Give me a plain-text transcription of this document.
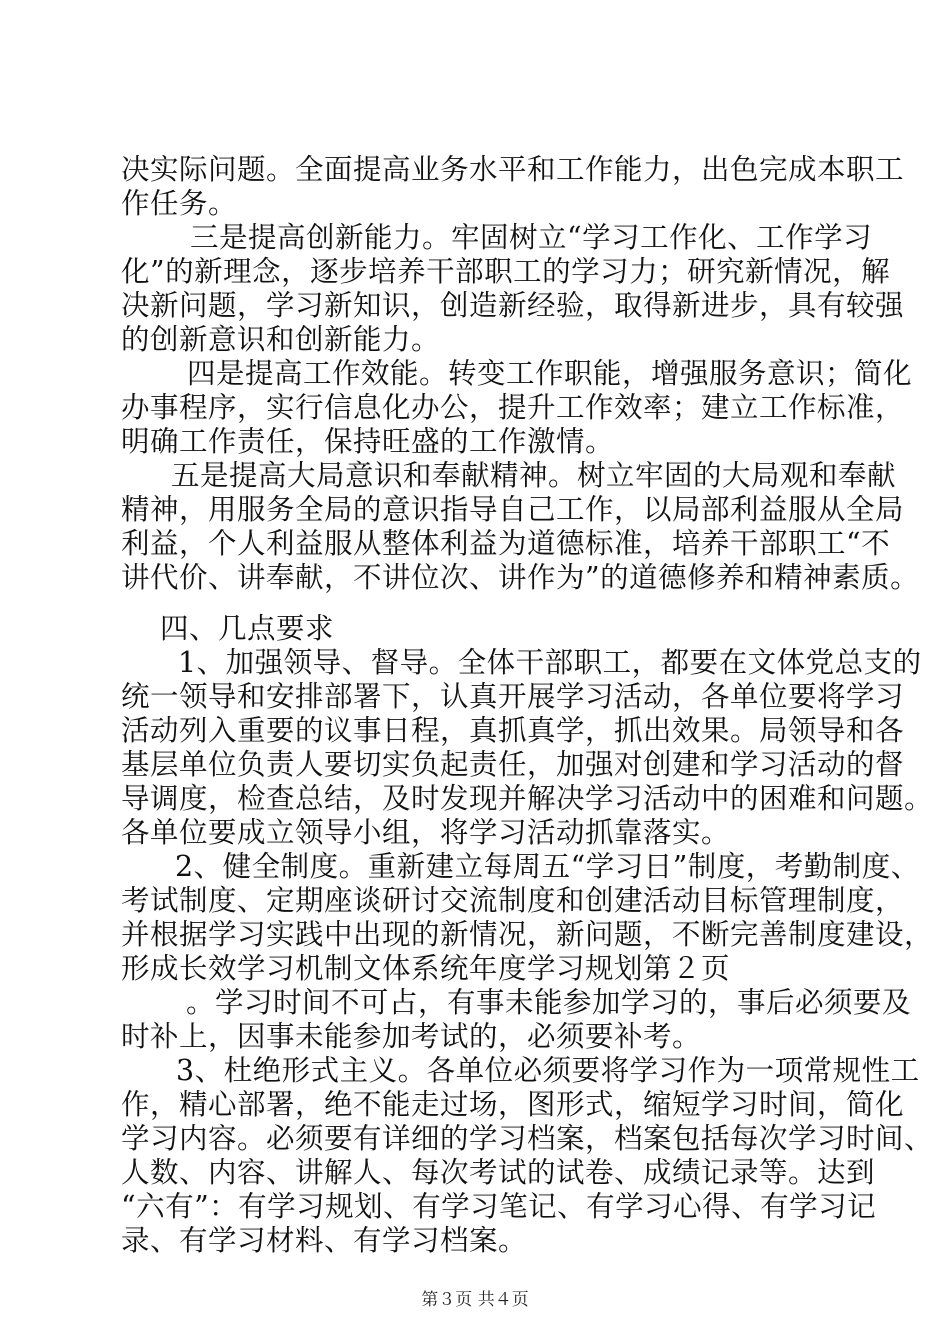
决实际问题。全面提高业务水平和工作能力，出色完成本职工
作任务。
三是提高创新能力。牢固树立“学习工作化、工作学习
化”的新理念，逐步培养干部职工的学习力；研究新情况，解
决新问题，学习新知识，创造新经验，取得新进步，具有较强
的创新意识和创新能力。
四是提高工作效能。转变工作职能，增强服务意识；简化
办事程序，实行信息化办公，提升工作效率；建立工作标准，
明确工作责任，保持旺盛的工作激情。
五是提高大局意识和奉献精神。树立牢固的大局观和奉献
精神，用服务全局的意识指导自己工作，以局部利益服从全局
利益，个人利益服从整体利益为道德标准，培养干部职工“不
讲代价、讲奉献，不讲位次、讲作为”的道德修养和精神素质。
四、几点要求
1、加强领导、督导。全体干部职工，都要在文体党总支的
统一领导和安排部署下，认真开展学习活动，各单位要将学习
活动列入重要的议事日程，真抓真学，抓出效果。局领导和各
基层单位负责人要切实负起责任，加强对创建和学习活动的督
导调度，检查总结，及时发现并解决学习活动中的困难和问题。
各单位要成立领导小组，将学习活动抓靠落实。
2、健全制度。重新建立每周五“学习日”制度，考勤制度、
考试制度、定期座谈研讨交流制度和创建活动目标管理制度，
并根据学习实践中出现的新情况，新问题，不断完善制度建设，
形成长效学习机制文体系统年度学习规划第２页
。学习时间不可占，有事未能参加学习的，事后必须要及
时补上，因事未能参加考试的，必须要补考。
3、杜绝形式主义。各单位必须要将学习作为一项常规性工
作，精心部署，绝不能走过场，图形式，缩短学习时间，简化
学习内容。必须要有详细的学习档案，档案包括每次学习时间、
人数、内容、讲解人、每次考试的试卷、成绩记录等。达到
“六有”：有学习规划、有学习笔记、有学习心得、有学习记
录、有学习材料、有学习档案。
第３页 共４页
